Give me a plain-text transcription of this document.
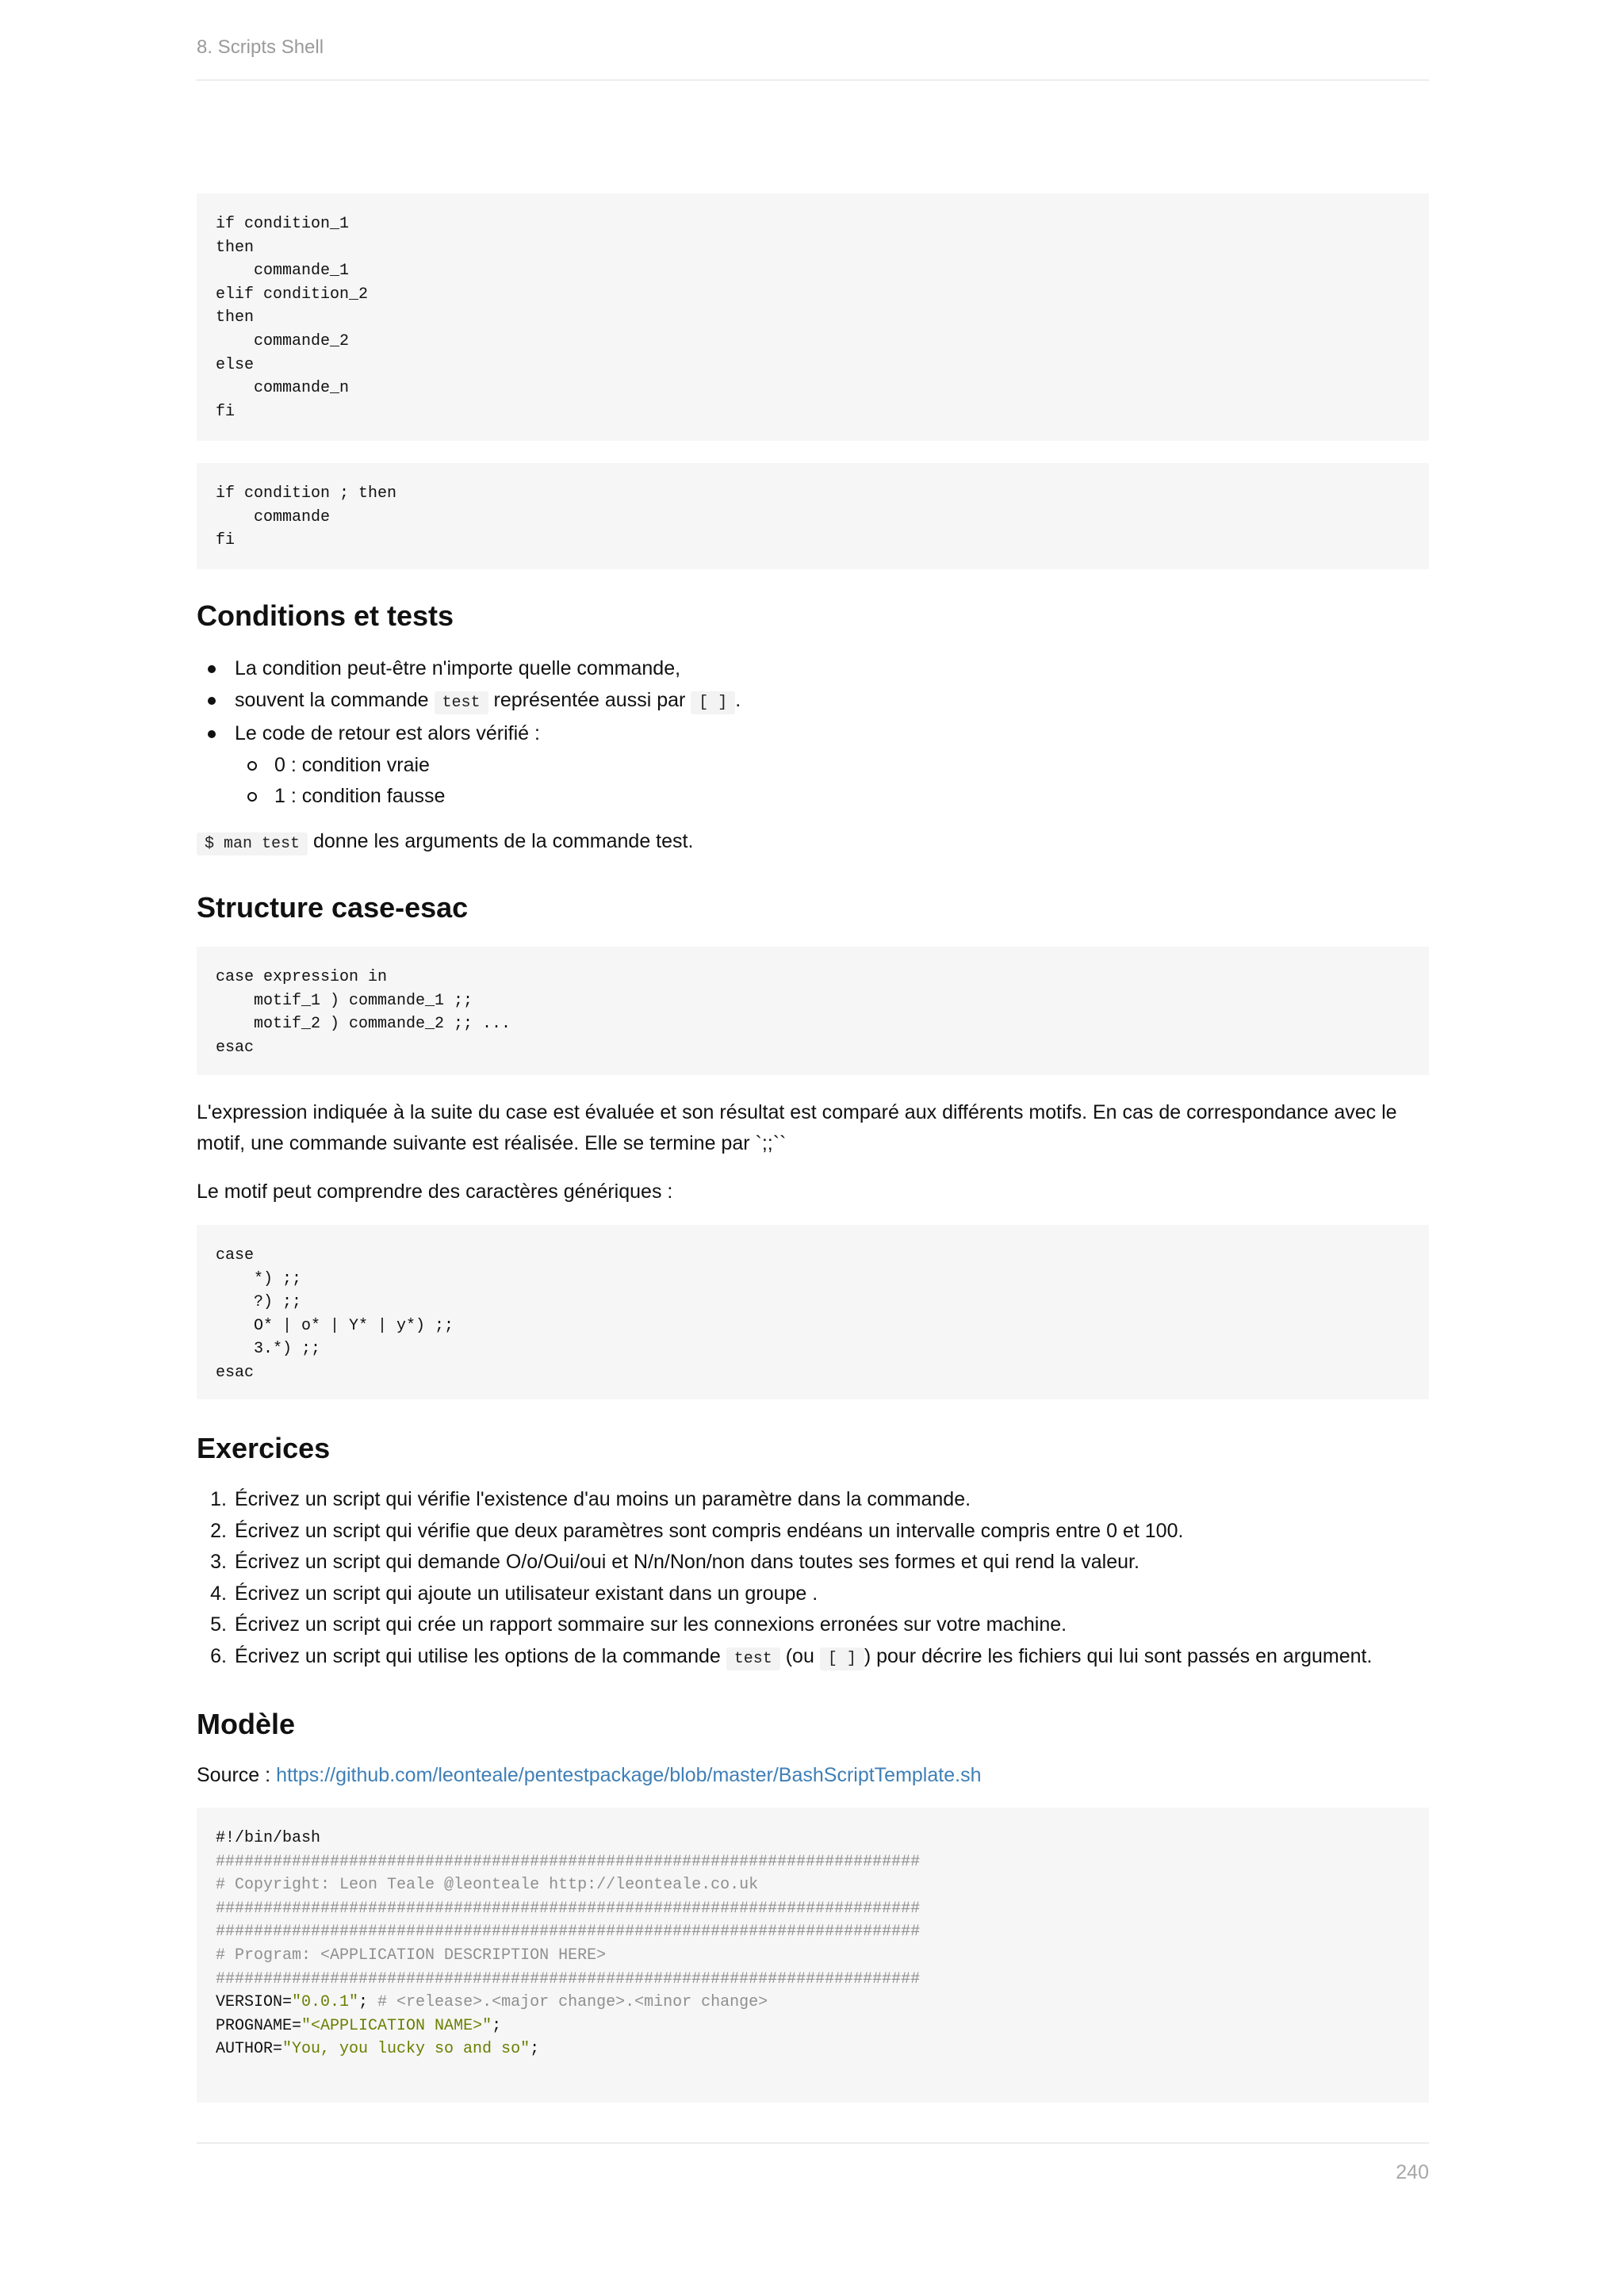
8. Scripts Shell
if condition_1
then
commande_1
elif condition_2
then
commande_2
else
commande_n
fi
if condition ; then
commande
fi
Conditions et tests
La condition peut-être n'importe quelle commande,
souvent la commande test représentée aussi par [ ] .
Le code de retour est alors vérifié :
0 : condition vraie
1 : condition fausse

$ man test donne les arguments de la commande test.

Structure case-esac
case expression in
motif_1 ) commande_1 ;;
motif_2 ) commande_2 ;; ...
esac

L'expression indiquée à la suite du case est évaluée et son résultat est comparé aux différents motifs. En cas de correspondance avec le motif, une commande suivante est réalisée. Elle se termine par `;;``

Le motif peut comprendre des caractères génériques :

case
*) ;;
?) ;;
O* | o* | Y* | y*) ;;
3.*) ;;
esac
Exercices
1. Écrivez un script qui vérifie l'existence d'au moins un paramètre dans la commande.
2. Écrivez un script qui vérifie que deux paramètres sont compris endéans un intervalle compris entre 0 et 100.
3. Écrivez un script qui demande O/o/Oui/oui et N/n/Non/non dans toutes ses formes et qui rend la valeur.
4. Écrivez un script qui ajoute un utilisateur existant dans un groupe .
5. Écrivez un script qui crée un rapport sommaire sur les connexions erronées sur votre machine.
6. Écrivez un script qui utilise les options de la commande test (ou [ ] ) pour décrire les fichiers qui lui sont passés en argument.
Modèle

Source : https://github.com/leonteale/pentestpackage/blob/master/BashScriptTemplate.sh

#!/bin/bash
##########################################################################
# Copyright: Leon Teale @leonteale http://leonteale.co.uk
##########################################################################
##########################################################################
# Program: <APPLICATION DESCRIPTION HERE>
##########################################################################
VERSION="0.0.1"; # <release>.<major change>.<minor change>
PROGNAME="<APPLICATION NAME>";
AUTHOR="You, you lucky so and so";
240
